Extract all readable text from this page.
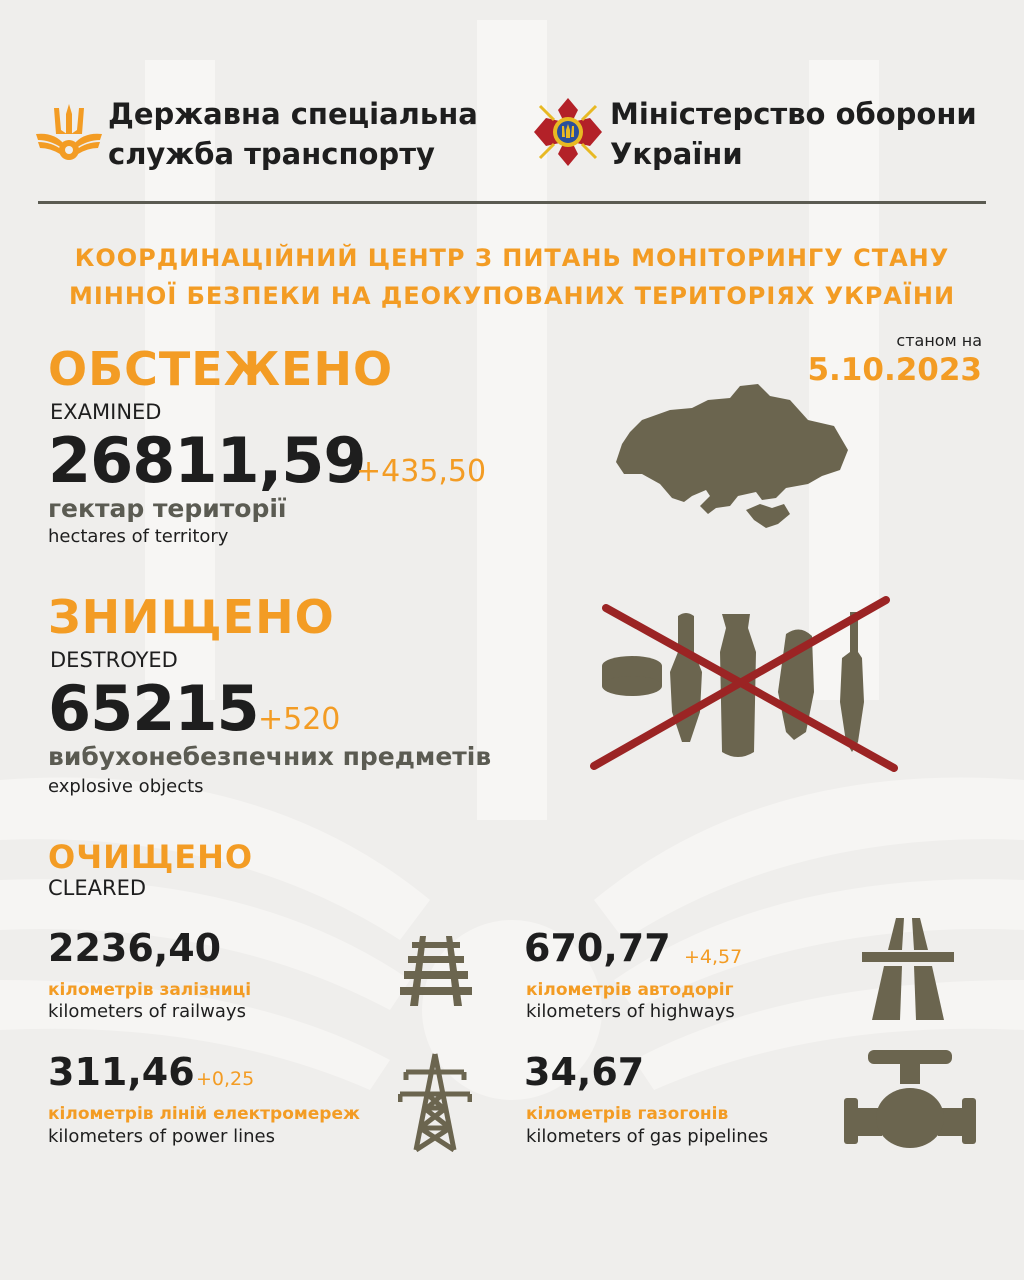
Державна спеціальна

служба транспорту

Міністерство оборони

України

КООРДИНАЦІЙНИЙ ЦЕНТР З ПИТАНЬ МОНІТОРИНГУ СТАНУ

МІННОЇ БЕЗПЕКИ НА ДЕОКУПОВАНИХ ТЕРИТОРІЯХ УКРАЇНИ

станом на

5.10.2023

ОБСТЕЖЕНО

EXAMINED

26811,59

+435,50

гектар території

hectares of territory

ЗНИЩЕНО

DESTROYED

65215 +520

вибухонебезпечних предметів

explosive objects

ОЧИЩЕНО

CLEARED

2236,40

кілометрів залізниці

kilometers of railways

670,77 +4,57

кілометрів автодоріг

kilometers of highways

311,46 +0,25

кілометрів ліній електромереж

kilometers of power lines

34,67

кілометрів газогонів

kilometers of gas pipelines
